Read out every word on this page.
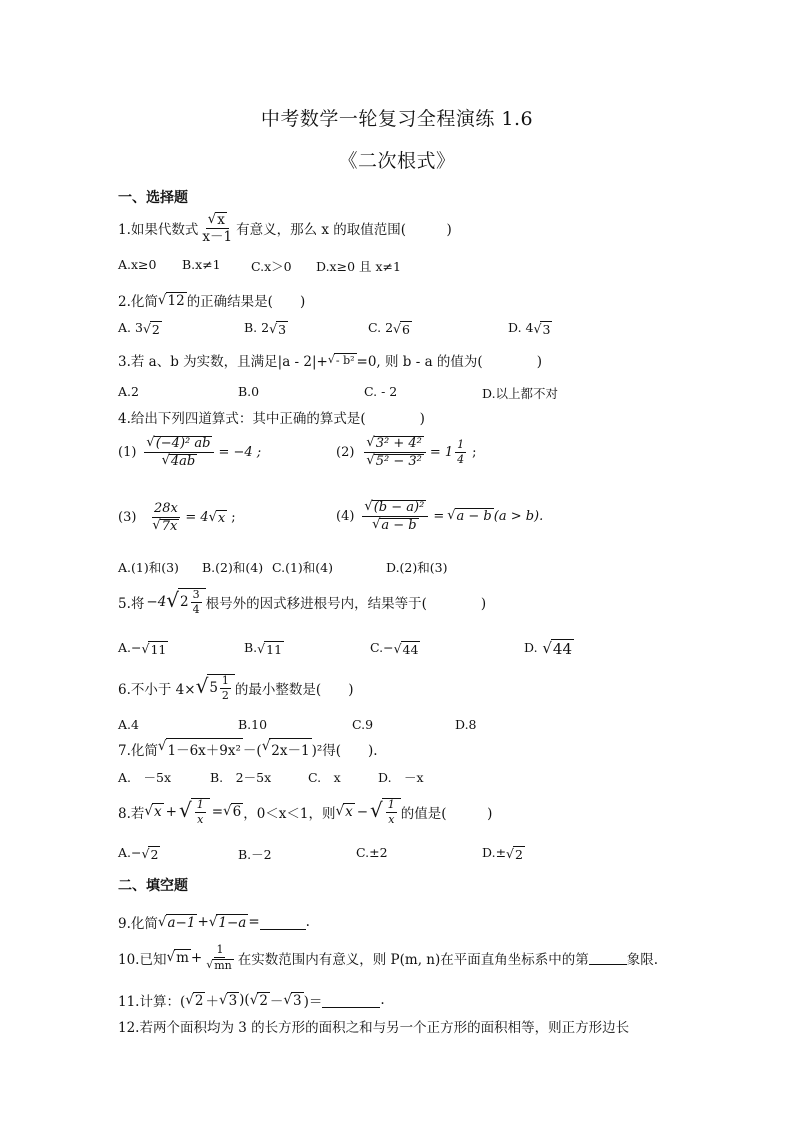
中考数学一轮复习全程演练 1.6
《二次根式》
一、选择题
1.如果代数式 $\frac{√ x}{x-1}$ 有意义，那么 x 的取值范围(　　　)
A.x≥0 B.x≠1 C.x＞0 D.x≥0 且 x≠1
2.化简 √ 12 的正确结果是(　　)
A. 3 √ 2	B. 2 √ 3	C. 2 √ 6	D. 4 √ 3
3.若 a、b 为实数，且满足|a - 2|+ √ - b² =0, 则 b - a 的值为(　　　　)
A.2	B.0	C. - 2	D.以上都不对
4.给出下列四道算式：其中正确的算式是(　　　　)
$(1) \frac{\text{√ (−4)² ab}}{√ 4ab} = -4$ ;	$(2) \frac{\text{√ 3² + 4²}}{\text{√ 5² − 3²}} = 1 \frac{1}{4}$ ;
$(3) \frac{28x}{√ 7x} = 4$ √ x ;	$(4) \frac{\text{√ (b − a)²}}{√ a - b}$ = √ a − b (a > b).
A.(1)和(3) B.(2)和(4) C.(1)和(4)	D.(2)和(3)
5.将 −4 √ $2 \frac{3}{4}$ 根号外的因式移进根号内，结果等于(　　　　)
A.− √ 11	B. √ 11	C.− √ 44	D. √ 44
6.不小于 4× √ $5 \frac{1}{2}$ 的最小整数是(　　)
A.4	B.10	C.9	D.8
7.化简 √ 1－6x＋9x² －( √ 2x－1 )²得(　　).
A.　－5x	B.　2－5x	C.　x	D.　－x
8.若 √ x + √ $\frac{1}{x}$ = √ 6 ，0＜x＜1，则 √ x − √ $\frac{1}{x}$ 的值是(　　　)
A.− √ 2	B.－2	C.±2	D.± √ 2
二、填空题
9.化简 √ a−1 + √ 1−a =	.
10.已知 √ $m + \frac{1}{√ mn}$ 在实数范围内有意义，则 P(m, n)在平面直角坐标系中的第	象限.
11.计算：( √ 2 ＋ √ 3 )( √ 2 － √ 3 )＝	.
12.若两个面积均为 3 的长方形的面积之和与另一个正方形的面积相等，则正方形边长
